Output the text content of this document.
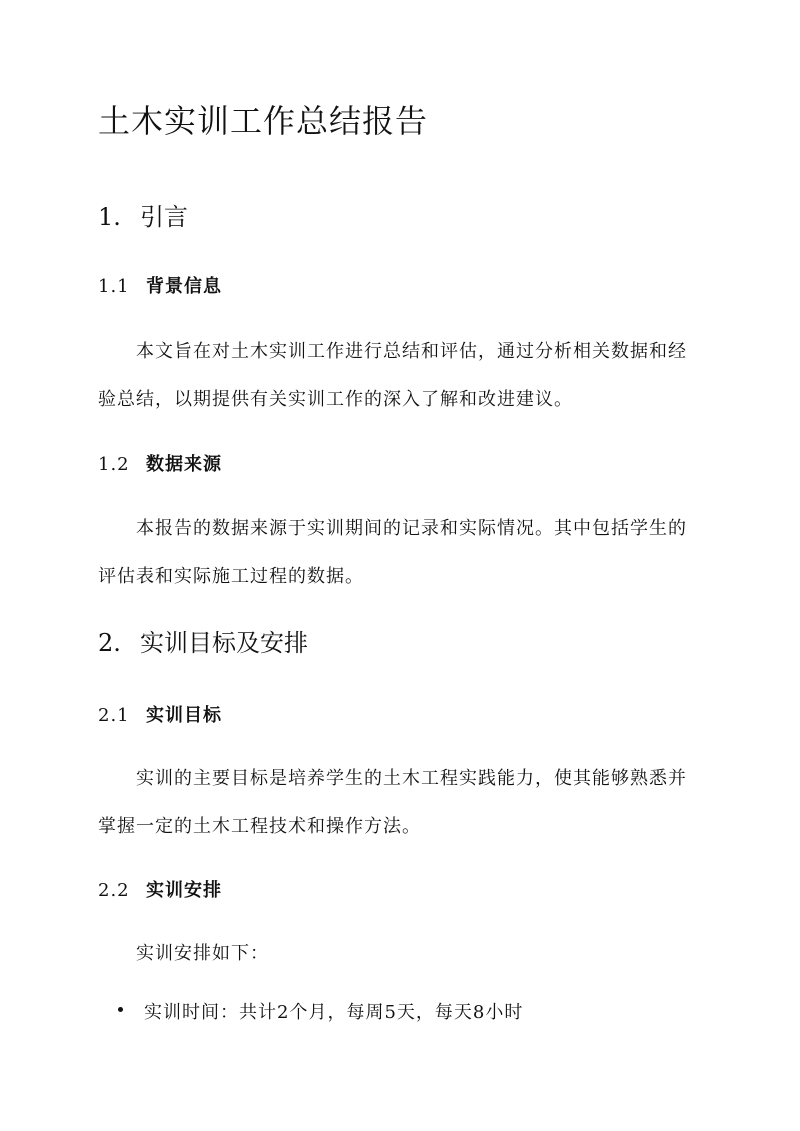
土木实训工作总结报告
1. 引言
1.1 背景信息

本文旨在对土木实训工作进行总结和评估，通过分析相关数据和经验总结，以期提供有关实训工作的深入了解和改进建议。

1.2 数据来源

本报告的数据来源于实训期间的记录和实际情况。其中包括学生的评估表和实际施工过程的数据。

2. 实训目标及安排
2.1 实训目标

实训的主要目标是培养学生的土木工程实践能力，使其能够熟悉并掌握一定的土木工程技术和操作方法。

2.2 实训安排

实训安排如下：

实训时间：共计2个月，每周5天，每天8小时
